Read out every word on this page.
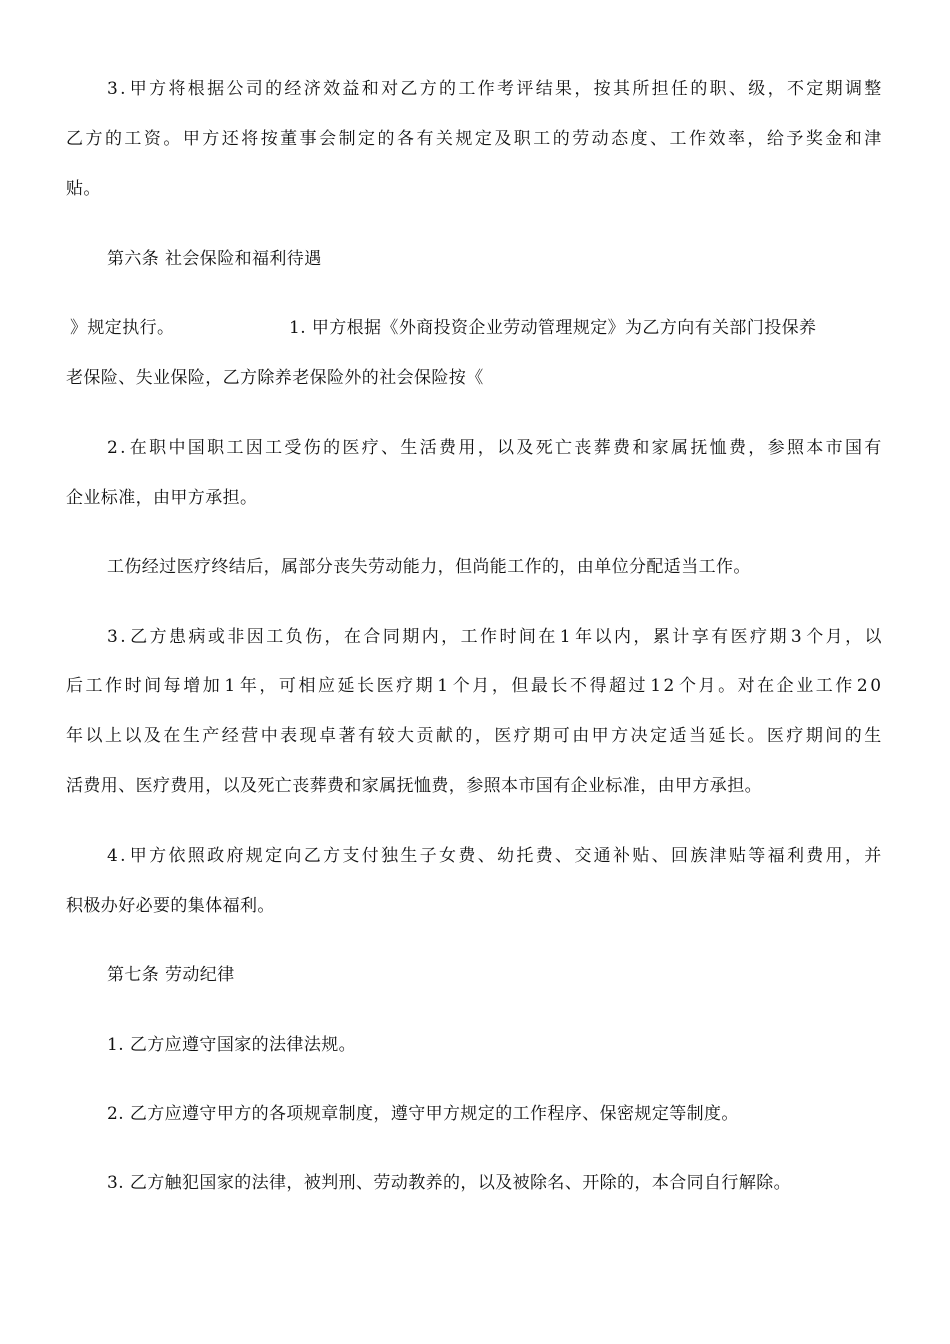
3 . 甲 方 将 根 据 公 司 的 经 济 效 益 和 对 乙 方 的 工 作 考 评 结 果 ， 按 其 所 担 任 的 职 、 级 ， 不 定 期 调 整
乙 方 的 工 资 。 甲 方 还 将 按 董 事 会 制 定 的 各 有 关 规 定 及 职 工 的 劳 动 态 度 、 工 作 效 率 ， 给 予 奖 金 和 津
贴。
第六条 社会保险和福利待遇
》规定执行。	1. 甲方根据《外商投资企业劳动管理规定》为乙方向有关部门投保养
老保险、失业保险，乙方除养老保险外的社会保险按《
2 . 在 职 中 国 职 工 因 工 受 伤 的 医 疗 、 生 活 费 用 ， 以 及 死 亡 丧 葬 费 和 家 属 抚 恤 费 ， 参 照 本 市 国 有
企业标准，由甲方承担。
工伤经过医疗终结后，属部分丧失劳动能力，但尚能工作的，由单位分配适当工作。
3 . 乙 方 患 病 或 非 因 工 负 伤 ， 在 合 同 期 内 ， 工 作 时 间 在 1 年 以 内 ， 累 计 享 有 医 疗 期 3 个 月 ， 以
后 工 作 时 间 每 增 加 1 年 ， 可 相 应 延 长 医 疗 期 1 个 月 ， 但 最 长 不 得 超 过 1 2 个 月 。 对 在 企 业 工 作 2 0
年 以 上 以 及 在 生 产 经 营 中 表 现 卓 著 有 较 大 贡 献 的 ， 医 疗 期 可 由 甲 方 决 定 适 当 延 长 。 医 疗 期 间 的 生
活费用、医疗费用，以及死亡丧葬费和家属抚恤费，参照本市国有企业标准，由甲方承担。
4 . 甲 方 依 照 政 府 规 定 向 乙 方 支 付 独 生 子 女 费 、 幼 托 费 、 交 通 补 贴 、 回 族 津 贴 等 福 利 费 用 ， 并
积极办好必要的集体福利。
第七条 劳动纪律
1. 乙方应遵守国家的法律法规。
2. 乙方应遵守甲方的各项规章制度，遵守甲方规定的工作程序、保密规定等制度。
3. 乙方触犯国家的法律，被判刑、劳动教养的，以及被除名、开除的，本合同自行解除。
